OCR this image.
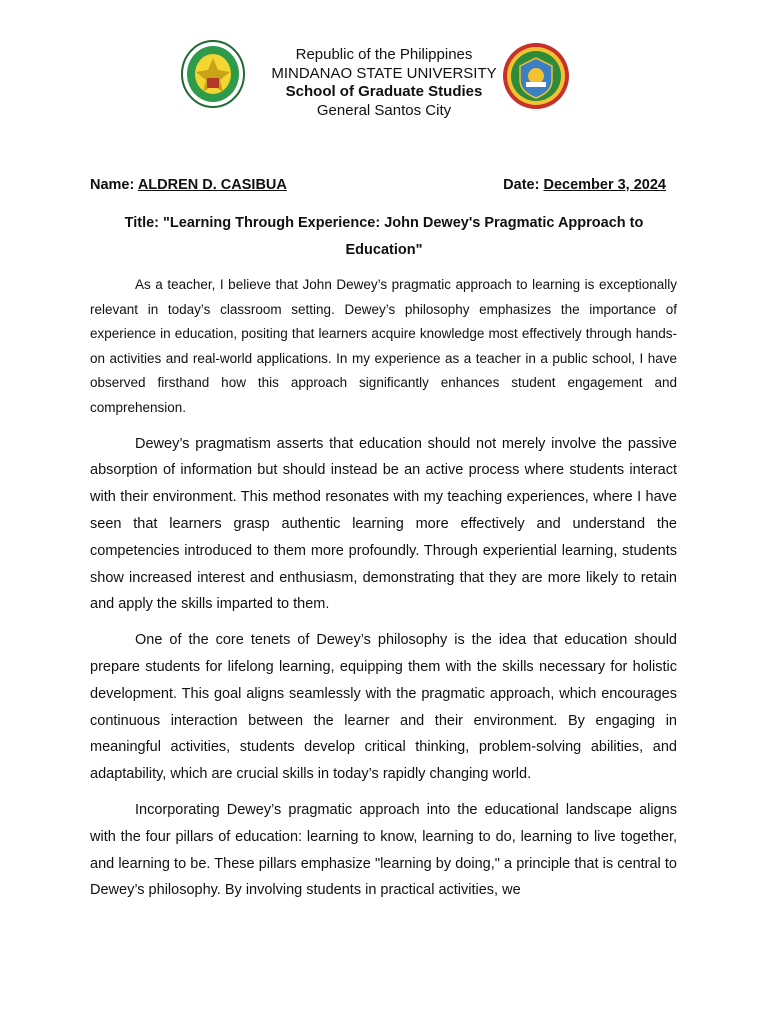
Republic of the Philippines
MINDANAO STATE UNIVERSITY
School of Graduate Studies
General Santos City
Name: ALDREN D. CASIBUA	Date: December 3, 2024
Title: "Learning Through Experience: John Dewey's Pragmatic Approach to Education"

As a teacher, I believe that John Dewey’s pragmatic approach to learning is exceptionally relevant in today’s classroom setting. Dewey’s philosophy emphasizes the importance of experience in education, positing that learners acquire knowledge most effectively through hands-on activities and real-world applications. In my experience as a teacher in a public school, I have observed firsthand how this approach significantly enhances student engagement and comprehension.

Dewey’s pragmatism asserts that education should not merely involve the passive absorption of information but should instead be an active process where students interact with their environment. This method resonates with my teaching experiences, where I have seen that learners grasp authentic learning more effectively and understand the competencies introduced to them more profoundly. Through experiential learning, students show increased interest and enthusiasm, demonstrating that they are more likely to retain and apply the skills imparted to them.

One of the core tenets of Dewey’s philosophy is the idea that education should prepare students for lifelong learning, equipping them with the skills necessary for holistic development. This goal aligns seamlessly with the pragmatic approach, which encourages continuous interaction between the learner and their environment. By engaging in meaningful activities, students develop critical thinking, problem-solving abilities, and adaptability, which are crucial skills in today’s rapidly changing world.

Incorporating Dewey’s pragmatic approach into the educational landscape aligns with the four pillars of education: learning to know, learning to do, learning to live together, and learning to be. These pillars emphasize "learning by doing," a principle that is central to Dewey’s philosophy. By involving students in practical activities, we
